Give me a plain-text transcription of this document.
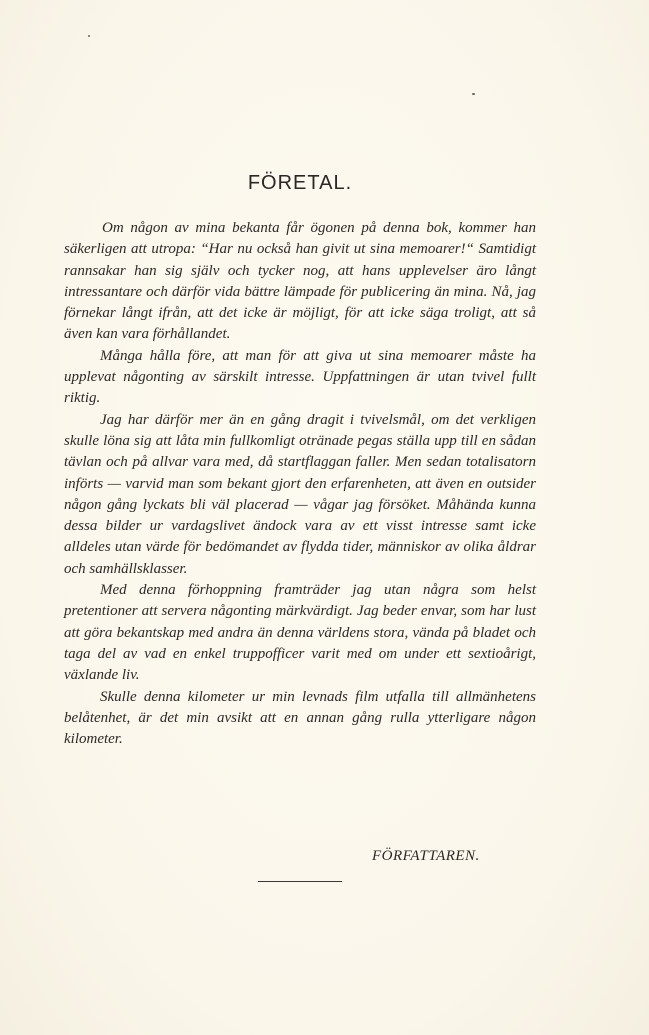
FÖRETAL.

Om någon av mina bekanta får ögonen på denna bok, kommer han säkerligen att utropa: “Har nu också han givit ut sina memoarer!“ Samtidigt rannsakar han sig själv och tycker nog, att hans upplevelser äro långt intressantare och därför vida bättre lämpade för publicering än mina. Nå, jag förnekar långt ifrån, att det icke är möjligt, för att icke säga troligt, att så även kan vara förhållandet.

Många hålla före, att man för att giva ut sina memoarer måste ha upplevat någonting av särskilt intresse. Uppfattningen är utan tvivel fullt riktig.

Jag har därför mer än en gång dragit i tvivelsmål, om det verkligen skulle löna sig att låta min fullkomligt otränade pegas ställa upp till en sådan tävlan och på allvar vara med, då startflaggan faller. Men sedan totalisatorn införts — varvid man som bekant gjort den erfarenheten, att även en outsider någon gång lyckats bli väl placerad — vågar jag försöket. Måhända kunna dessa bilder ur vardagslivet ändock vara av ett visst intresse samt icke alldeles utan värde för bedömandet av flydda tider, människor av olika åldrar och samhällsklasser.

Med denna förhoppning framträder jag utan några som helst pretentioner att servera någonting märkvärdigt. Jag beder envar, som har lust att göra bekantskap med andra än denna världens stora, vända på bladet och taga del av vad en enkel truppofficer varit med om under ett sextioårigt, växlande liv.

Skulle denna kilometer ur min levnads film utfalla till allmänhetens belåtenhet, är det min avsikt att en annan gång rulla ytterligare någon kilometer.

FÖRFATTAREN.
